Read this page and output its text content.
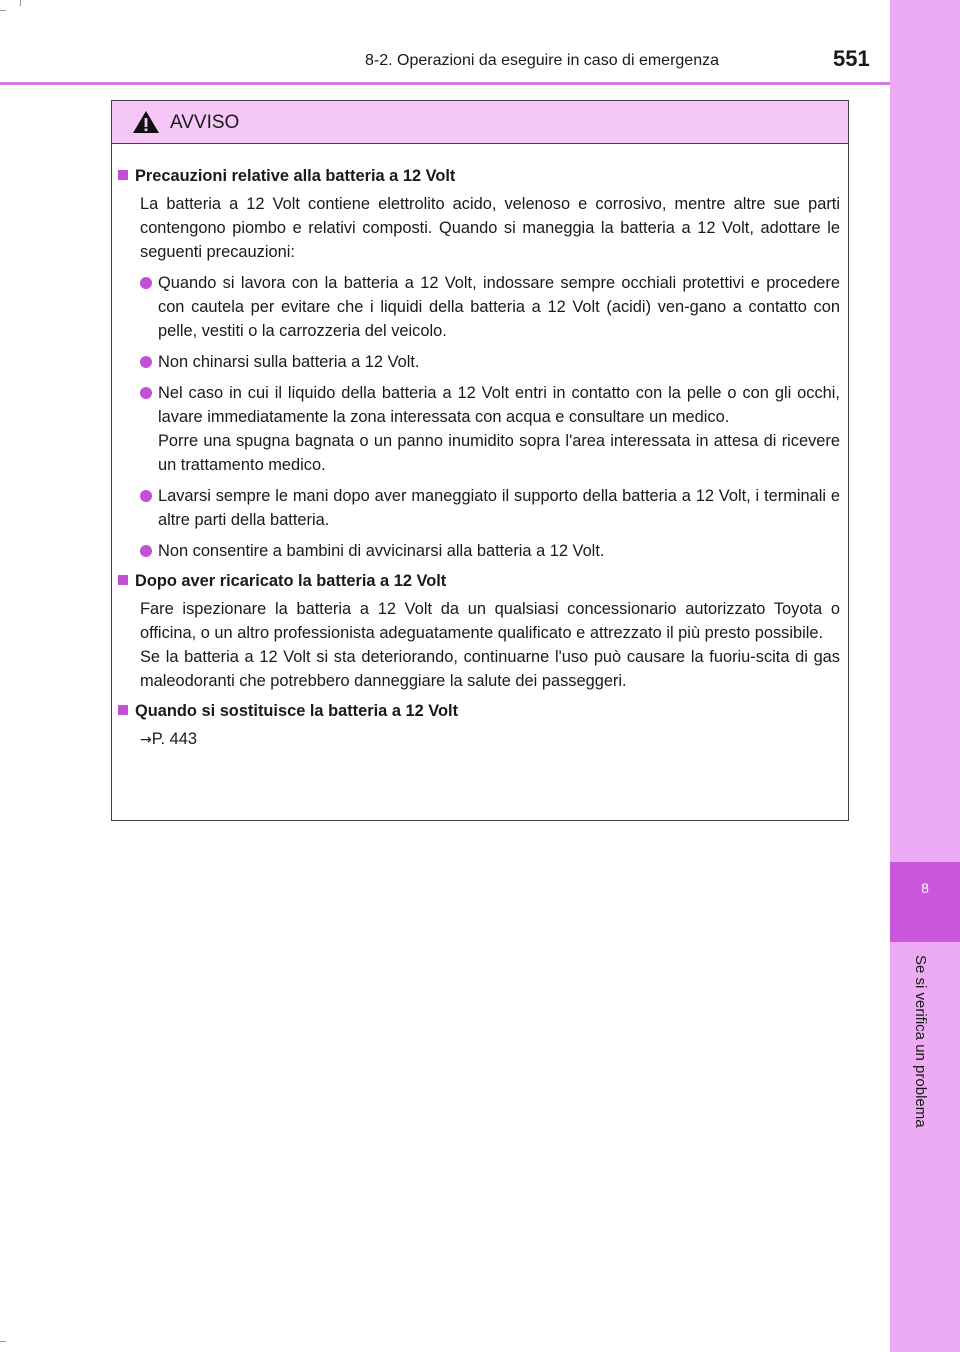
8-2. Operazioni da eseguire in caso di emergenza	551
8
Se si verifica un problema
AVVISO
Precauzioni relative alla batteria a 12 Volt
La batteria a 12 Volt contiene elettrolito acido, velenoso e corrosivo, mentre altre sue parti contengono piombo e relativi composti. Quando si maneggia la batteria a 12 Volt, adottare le seguenti precauzioni:
Quando si lavora con la batteria a 12 Volt, indossare sempre occhiali protettivi e procedere con cautela per evitare che i liquidi della batteria a 12 Volt (acidi) ven-gano a contatto con pelle, vestiti o la carrozzeria del veicolo.
Non chinarsi sulla batteria a 12 Volt.
Nel caso in cui il liquido della batteria a 12 Volt entri in contatto con la pelle o con gli occhi, lavare immediatamente la zona interessata con acqua e consultare un medico.
Porre una spugna bagnata o un panno inumidito sopra l'area interessata in attesa di ricevere un trattamento medico.
Lavarsi sempre le mani dopo aver maneggiato il supporto della batteria a 12 Volt, i terminali e altre parti della batteria.
Non consentire a bambini di avvicinarsi alla batteria a 12 Volt.
Dopo aver ricaricato la batteria a 12 Volt
Fare ispezionare la batteria a 12 Volt da un qualsiasi concessionario autorizzato Toyota o officina, o un altro professionista adeguatamente qualificato e attrezzato il più presto possibile.
Se la batteria a 12 Volt si sta deteriorando, continuarne l'uso può causare la fuoriu-scita di gas maleodoranti che potrebbero danneggiare la salute dei passeggeri.
Quando si sostituisce la batteria a 12 Volt
→P. 443
